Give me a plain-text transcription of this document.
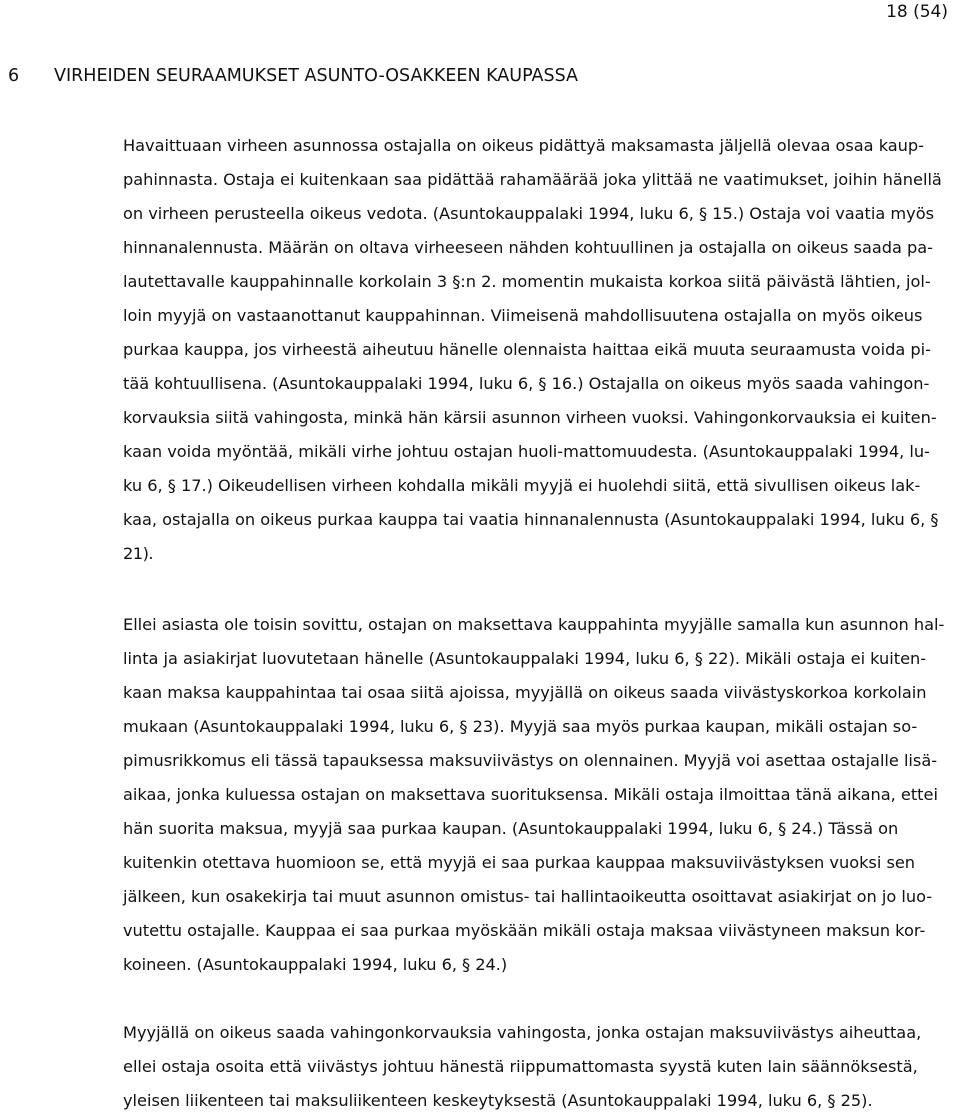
18 (54)
6 VIRHEIDEN SEURAAMUKSET ASUNTO-OSAKKEEN KAUPASSA
Havaittuaan virheen asunnossa ostajalla on oikeus pidättyä maksamasta jäljellä olevaa osaa kaup-
pahinnasta. Ostaja ei kuitenkaan saa pidättää rahamäärää joka ylittää ne vaatimukset, joihin hänellä
on virheen perusteella oikeus vedota. (Asuntokauppalaki 1994, luku 6, § 15.) Ostaja voi vaatia myös
hinnanalennusta. Määrän on oltava virheeseen nähden kohtuullinen ja ostajalla on oikeus saada pa-
lautettavalle kauppahinnalle korkolain 3 §:n 2. momentin mukaista korkoa siitä päivästä lähtien, jol-
loin myyjä on vastaanottanut kauppahinnan. Viimeisenä mahdollisuutena ostajalla on myös oikeus
purkaa kauppa, jos virheestä aiheutuu hänelle olennaista haittaa eikä muuta seuraamusta voida pi-
tää kohtuullisena. (Asuntokauppalaki 1994, luku 6, § 16.) Ostajalla on oikeus myös saada vahingon-
korvauksia siitä vahingosta, minkä hän kärsii asunnon virheen vuoksi. Vahingonkorvauksia ei kuiten-
kaan voida myöntää, mikäli virhe johtuu ostajan huoli-mattomuudesta. (Asuntokauppalaki 1994, lu-
ku 6, § 17.) Oikeudellisen virheen kohdalla mikäli myyjä ei huolehdi siitä, että sivullisen oikeus lak-
kaa, ostajalla on oikeus purkaa kauppa tai vaatia hinnanalennusta (Asuntokauppalaki 1994, luku 6, §
21).
Ellei asiasta ole toisin sovittu, ostajan on maksettava kauppahinta myyjälle samalla kun asunnon hal-
linta ja asiakirjat luovutetaan hänelle (Asuntokauppalaki 1994, luku 6, § 22). Mikäli ostaja ei kuiten-
kaan maksa kauppahintaa tai osaa siitä ajoissa, myyjällä on oikeus saada viivästyskorkoa korkolain
mukaan (Asuntokauppalaki 1994, luku 6, § 23). Myyjä saa myös purkaa kaupan, mikäli ostajan so-
pimusrikkomus eli tässä tapauksessa maksuviivästys on olennainen. Myyjä voi asettaa ostajalle lisä-
aikaa, jonka kuluessa ostajan on maksettava suorituksensa. Mikäli ostaja ilmoittaa tänä aikana, ettei
hän suorita maksua, myyjä saa purkaa kaupan. (Asuntokauppalaki 1994, luku 6, § 24.) Tässä on
kuitenkin otettava huomioon se, että myyjä ei saa purkaa kauppaa maksuviivästyksen vuoksi sen
jälkeen, kun osakekirja tai muut asunnon omistus- tai hallintaoikeutta osoittavat asiakirjat on jo luo-
vutettu ostajalle. Kauppaa ei saa purkaa myöskään mikäli ostaja maksaa viivästyneen maksun kor-
koineen. (Asuntokauppalaki 1994, luku 6, § 24.)
Myyjällä on oikeus saada vahingonkorvauksia vahingosta, jonka ostajan maksuviivästys aiheuttaa,
ellei ostaja osoita että viivästys johtuu hänestä riippumattomasta syystä kuten lain säännöksestä,
yleisen liikenteen tai maksuliikenteen keskeytyksestä (Asuntokauppalaki 1994, luku 6, § 25).
